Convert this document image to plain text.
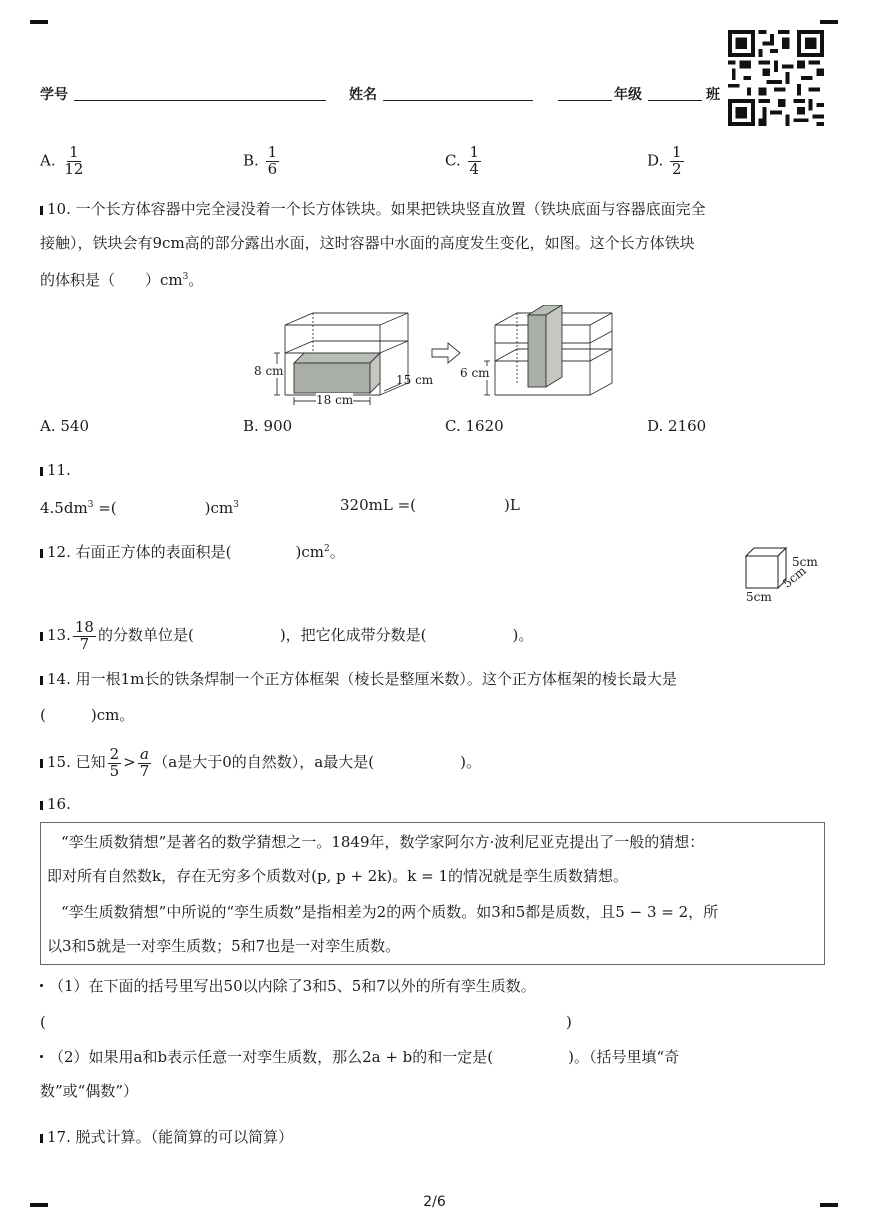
学号	姓名	年级	班
A. $\frac{1}{12}$	B. $\frac{1}{6}$	C. $\frac{1}{4}$	D. $\frac{1}{2}$
10. 一个长方体容器中完全浸没着一个长方体铁块。如果把铁块竖直放置（铁块底面与容器底面完全
接触），铁块会有9cm高的部分露出水面，这时容器中水面的高度发生变化，如图。这个长方体铁块
的体积是（　　）$cm^3$。
8 cm
15 cm
18 cm
6 cm
A. 540	B. 900	C. 1620	D. 2160
11.
$4.5dm^3$ =(	)$cm^3$	320mL =(	)L
12. 右面正方体的表面积是(	)$cm^2$。
5cm
5cm
5cm
13. $\frac{18}{7}$ 的分数单位是(	)，把它化成带分数是(	)。
14. 用一根1m长的铁条焊制一个正方体框架（棱长是整厘米数）。这个正方体框架的棱长最大是
(　　　)cm。
15. 已知 $\frac{2}{5} > \frac{a}{7} (a$是大于0的自然数），a最大是(	)。
16.
“孪生质数猜想”是著名的数学猜想之一。1849年，数学家阿尔方·波利尼亚克提出了一般的猜想：
即对所有自然数k，存在无穷多个质数对(p, p + 2k)。k = 1的情况就是孪生质数猜想。
“孪生质数猜想”中所说的“孪生质数”是指相差为2的两个质数。如3和5都是质数，且5 − 3 = 2，所
以3和5就是一对孪生质数；5和7也是一对孪生质数。
（1）在下面的括号里写出50以内除了3和5、5和7以外的所有孪生质数。
(	)
（2）如果用a和b表示任意一对孪生质数，那么2a + b的和一定是(　　　　　)。（括号里填“奇
数”或“偶数”）
17. 脱式计算。（能简算的可以简算）
2/6
